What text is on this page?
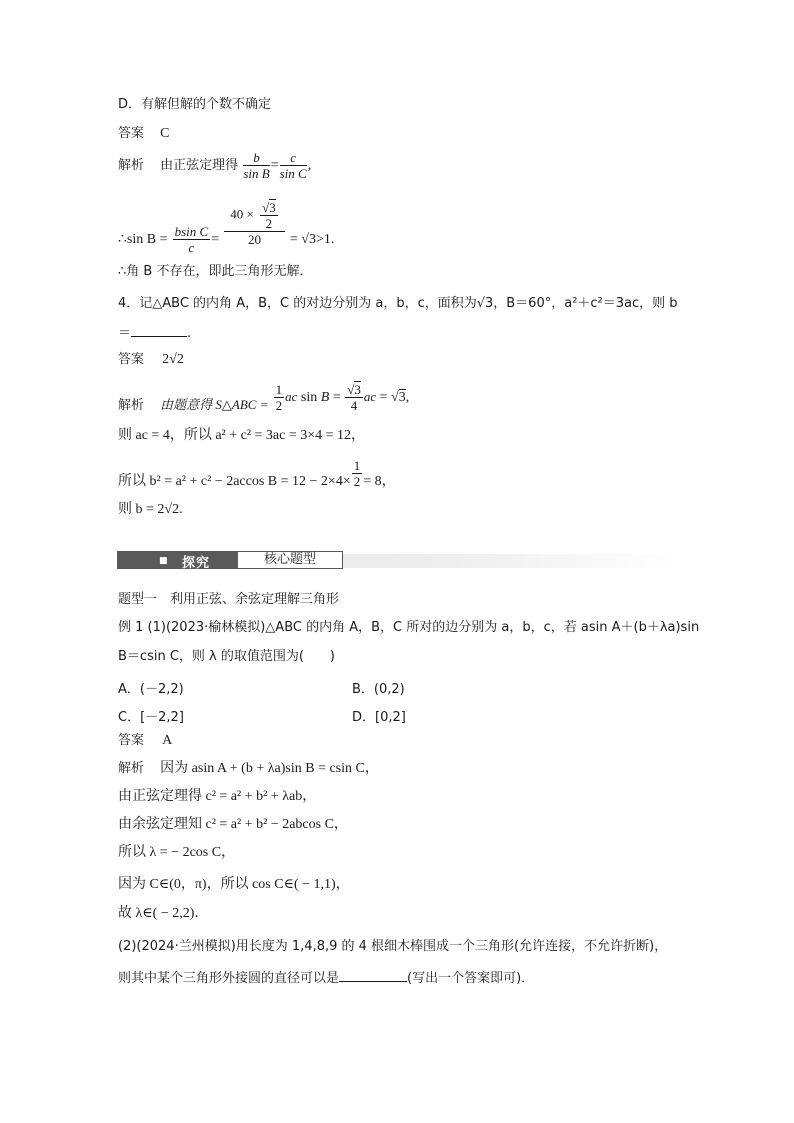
D．有解但解的个数不确定
答案 C
解析 由正弦定理得 $\frac{b}{\text{sin B}} = \frac{c}{\text{sin C}}$ ,
∴sin $B = \frac{\text{bsin C}}{c} = \frac{40 \times \frac{√3}{2}}{20} = √3>1$.
∴角 B 不存在，即此三角形无解．
4．记△ABC 的内角 A，B，C 的对边分别为 a，b，c，面积为√3，B＝60°，a²＋c²＝3ac，则 b
＝	.
答案 2√2
解析 由题意得 S△ABC = $\frac{1}{2}$ ac $\sin B = \frac{√3}{4}$ ac = √3,
则 ac = 4，所以 a² + c² = 3ac = 3×4 = 12，
所以 b² = a² + c² − 2accos $B = 12 - 2\times 4\times \frac{1}{2} = 8$，
则 b = 2√2.
■ 探究	核心题型
题型一　利用正弦、余弦定理解三角形
例 1 (1)(2023·榆林模拟)△ABC 的内角 A，B，C 所对的边分别为 a，b，c，若 asin A＋(b＋λa)sin
B＝csin C，则 λ 的取值范围为(　　)
A．(－2,2)	B．(0,2)
C．[－2,2]	D．[0,2]
答案 A
解析 因为 asin A + (b + λa)sin B = csin C，
由正弦定理得 c² = a² + b² + λab，
由余弦定理知 c² = a² + b² − 2abcos C，
所以 λ = − 2cos C，
因为 C∈(0，π)，所以 cos C∈( − 1,1)，
故 λ∈( − 2,2)．
(2)(2024·兰州模拟)用长度为 1,4,8,9 的 4 根细木棒围成一个三角形(允许连接，不允许折断)，
则其中某个三角形外接圆的直径可以是	(写出一个答案即可)．
